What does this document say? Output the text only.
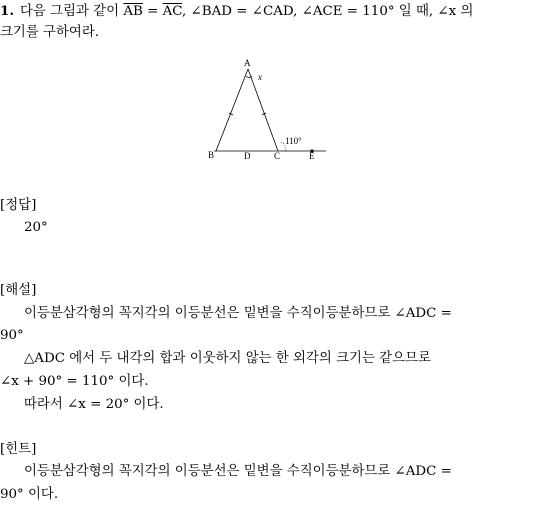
1. 다음 그림과 같이 $\overline{AB} = \overline{AC}$, ∠BAD = ∠CAD, ∠ACE = 110° 일 때, ∠x 의
크기를 구하여라.
A
x
B	D	C	E
110°
[정답]
20°
[해설]
이등분삼각형의 꼭지각의 이등분선은 밑변을 수직이등분하므로 ∠ADC =
90°
△ADC 에서 두 내각의 합과 이웃하지 않는 한 외각의 크기는 같으므로
∠x + 90° = 110° 이다.
따라서 ∠x = 20° 이다.
[힌트]
이등분삼각형의 꼭지각의 이등분선은 밑변을 수직이등분하므로 ∠ADC =
90° 이다.
